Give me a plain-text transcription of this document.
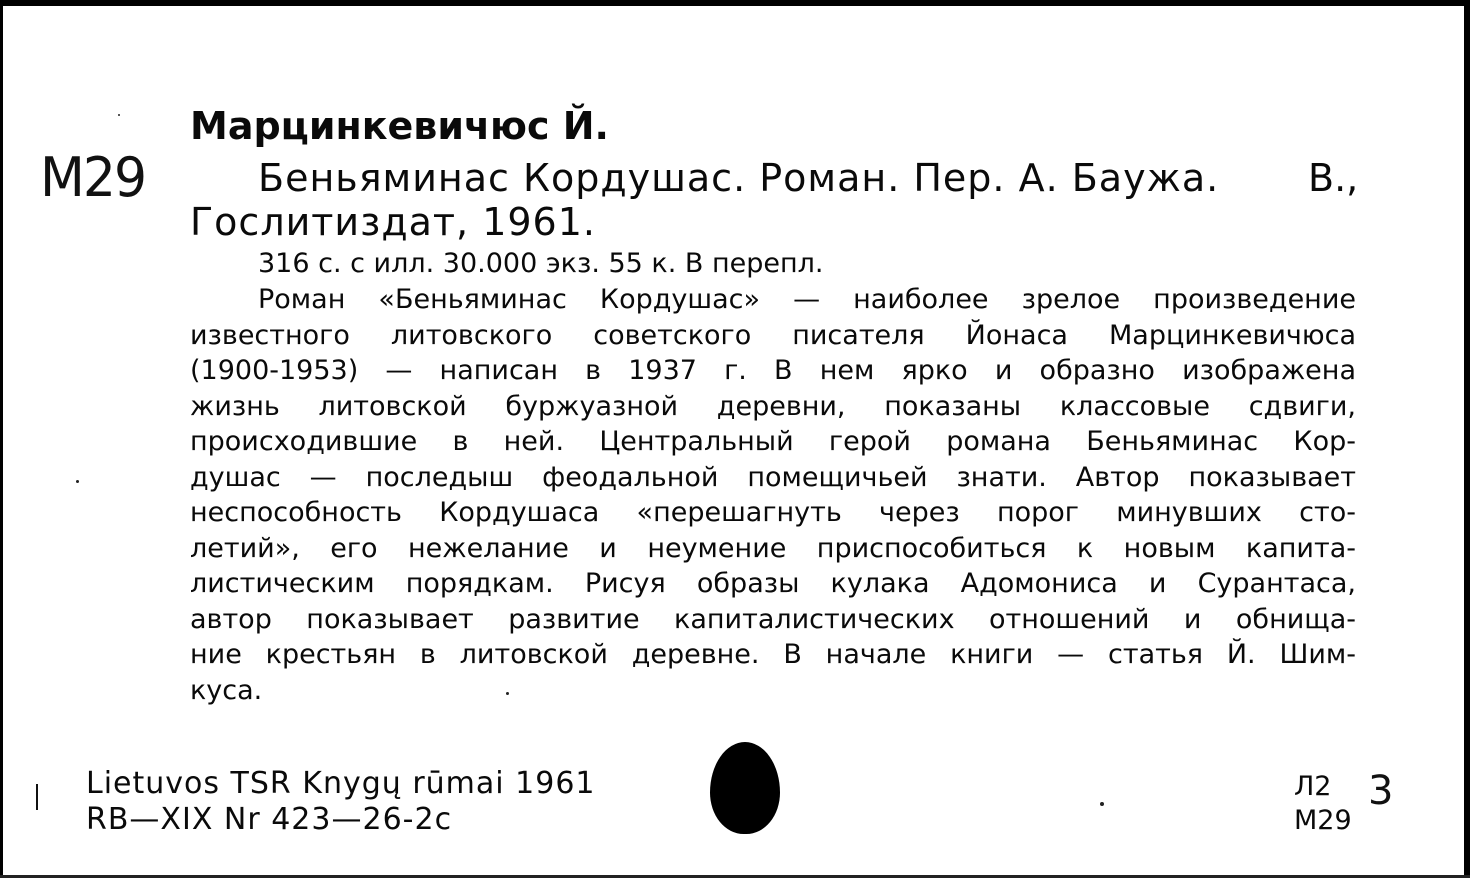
M29
Марцинкевичюс Й.
Беньяминас Кордушас. Роман. Пер. А. Баужа.	В.,
Гослитиздат, 1961.
316 с. с илл. 30.000 экз. 55 к. В перепл.
Роман «Беньяминас Кордушас» — наиболее зрелое произведение
известного литовского советского писателя Йонаса Марцинкевичюса
(1900-1953) — написан в 1937 г. В нем ярко и образно изображена
жизнь литовской буржуазной деревни, показаны классовые сдвиги,
происходившие в ней. Центральный герой романа Беньяминас Кор-
душас — последыш феодальной помещичьей знати. Автор показывает
неспособность Кордушаса «перешагнуть через порог минувших сто-
летий», его нежелание и неумение приспособиться к новым капита-
листическим порядкам. Рисуя образы кулака Адомониса и Сурантаса,
автор показывает развитие капиталистических отношений и обнища-
ние крестьян в литовской деревне. В начале книги — статья Й. Шим-
куса.
Lietuvos TSR Knygų rūmai 1961
RB—XIX Nr 423—26-2c
Л2
M29
3
